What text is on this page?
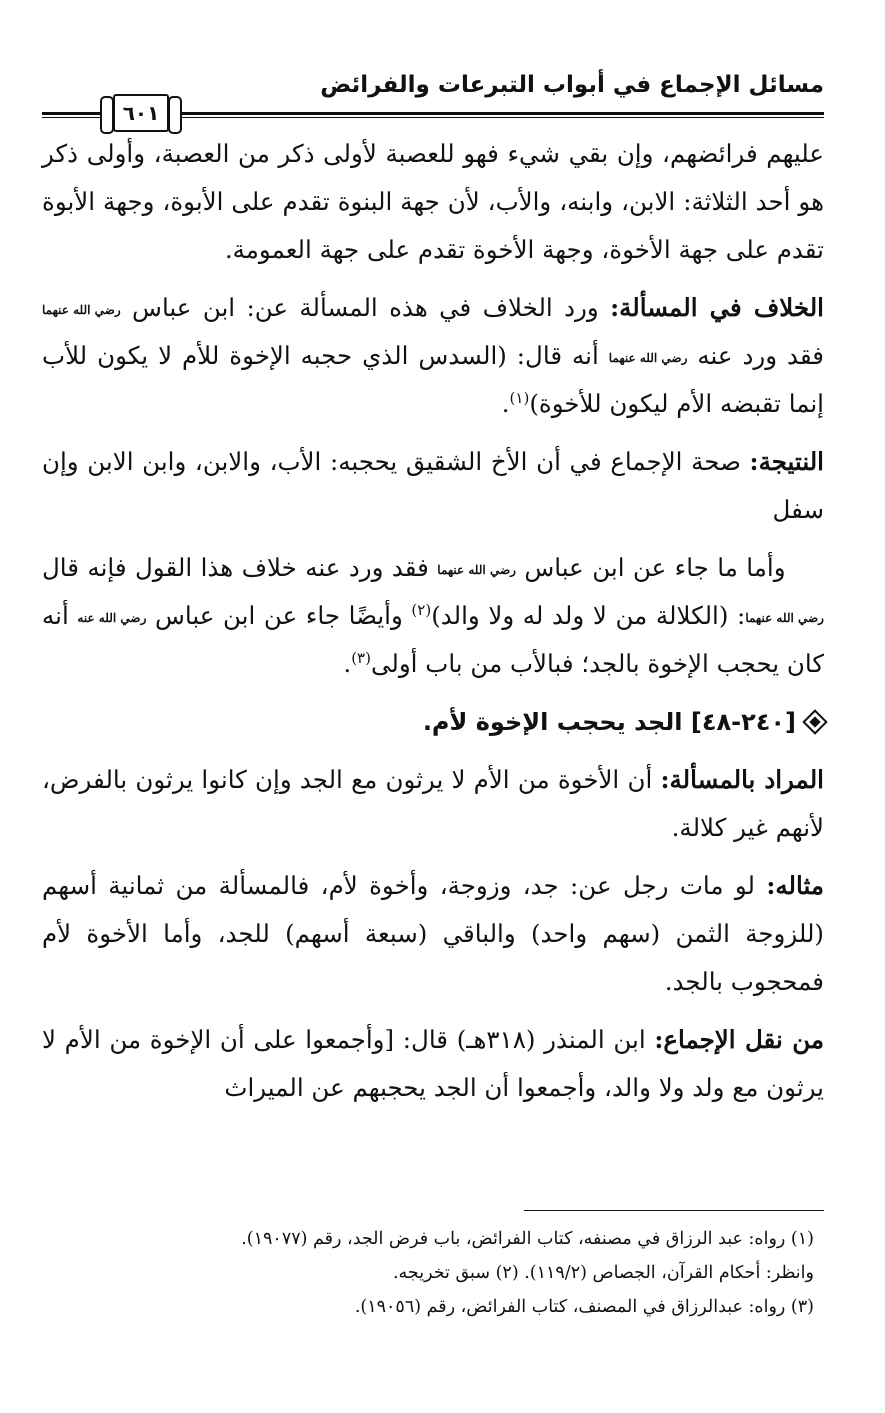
مسائل الإجماع في أبواب التبرعات والفرائض
٦٠١

عليهم فرائضهم، وإن بقي شيء فهو للعصبة لأولى ذكر من العصبة، وأولى ذكر هو أحد الثلاثة: الابن، وابنه، والأب، لأن جهة البنوة تقدم على الأبوة، وجهة الأبوة تقدم على جهة الأخوة، وجهة الأخوة تقدم على جهة العمومة.

الخلاف في المسألة: ورد الخلاف في هذه المسألة عن: ابن عباس رضي الله عنهما فقد ورد عنه رضي الله عنهما أنه قال: (السدس الذي حجبه الإخوة للأم لا يكون للأب إنما تقبضه الأم ليكون للأخوة)$^{(١)}$.

النتيجة: صحة الإجماع في أن الأخ الشقيق يحجبه: الأب، والابن، وابن الابن وإن سفل

وأما ما جاء عن ابن عباس رضي الله عنهما فقد ورد عنه خلاف هذا القول فإنه قال رضي الله عنهما: (الكلالة من لا ولد له ولا والد)$^{(٢)}$ وأيضًا جاء عن ابن عباس رضي الله عنه أنه كان يحجب الإخوة بالجد؛ فبالأب من باب أولى$^{(٣)}$.

[٢٤٠-٤٨] الجد يحجب الإخوة لأم.

المراد بالمسألة: أن الأخوة من الأم لا يرثون مع الجد وإن كانوا يرثون بالفرض، لأنهم غير كلالة.

مثاله: لو مات رجل عن: جد، وزوجة، وأخوة لأم، فالمسألة من ثمانية أسهم (للزوجة الثمن (سهم واحد) والباقي (سبعة أسهم) للجد، وأما الأخوة لأم فمحجوب بالجد.

من نقل الإجماع: ابن المنذر (٣١٨هـ) قال: [وأجمعوا على أن الإخوة من الأم لا يرثون مع ولد ولا والد، وأجمعوا أن الجد يحجبهم عن الميراث

(١) رواه: عبد الرزاق في مصنفه، كتاب الفرائض، باب فرض الجد، رقم (١٩٠٧٧).

وانظر: أحكام القرآن، الجصاص (١١٩/٢). (٢) سبق تخريجه.

(٣) رواه: عبدالرزاق في المصنف، كتاب الفرائض، رقم (١٩٠٥٦).
